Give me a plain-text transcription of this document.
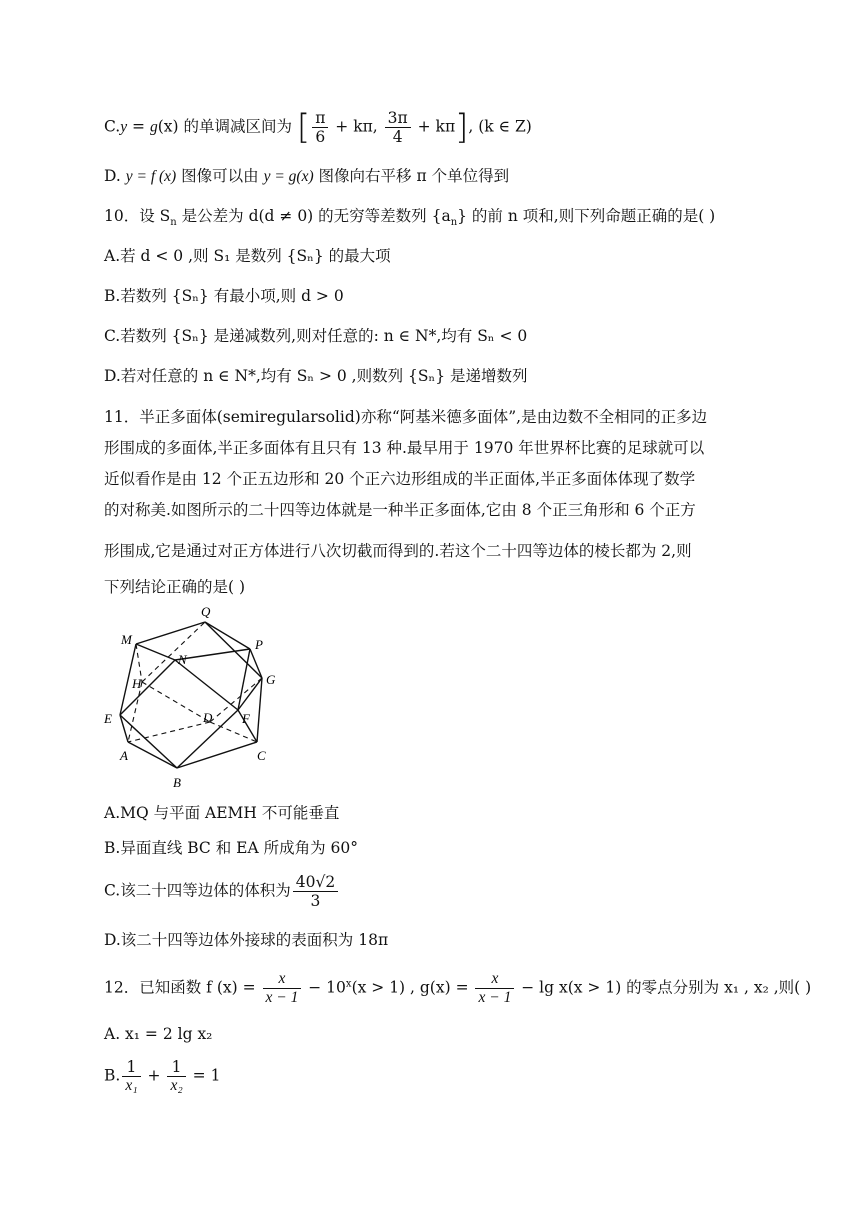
C.y = g(x) 的单调减区间为 [ $\frac{\pi}{6} + k\pi$, $\frac{3\pi}{4} + k\pi$], (k ∈ Z)
D. y = f (x) 图像可以由 y = g(x) 图像向右平移 π 个单位得到
10．设 $S_n$ 是公差为 d(d ≠ 0) 的无穷等差数列 $\{a_n\}$ 的前 n 项和,则下列命题正确的是( )
A.若 d < 0 ,则 S₁ 是数列 {Sₙ} 的最大项
B.若数列 {Sₙ} 有最小项,则 d > 0
C.若数列 {Sₙ} 是递减数列,则对任意的: n ∈ N*,均有 Sₙ < 0
D.若对任意的 n ∈ N*,均有 Sₙ > 0 ,则数列 {Sₙ} 是递增数列
11．半正多面体(semiregularsolid)亦称“阿基米德多面体”,是由边数不全相同的正多边
形围成的多面体,半正多面体有且只有 13 种.最早用于 1970 年世界杯比赛的足球就可以
近似看作是由 12 个正五边形和 20 个正六边形组成的半正面体,半正多面体体现了数学
的对称美.如图所示的二十四等边体就是一种半正多面体,它由 8 个正三角形和 6 个正方
形围成,它是通过对正方体进行八次切截而得到的.若这个二十四等边体的棱长都为 2,则
下列结论正确的是( )
Q
M	P
N
H	G
E	D F
A	C
B
A.MQ 与平面 AEMH 不可能垂直
B.异面直线 BC 和 EA 所成角为 60°
C.该二十四等边体的体积为 $\frac{40√2}{3}$
D.该二十四等边体外接球的表面积为 18π
12．已知函数 f $(x) = \frac{x}{x - 1} - 10^x(x > 1)$ , $g(x) = \frac{x}{x - 1} - \lg x(x > 1)$ 的零点分别为 x₁ , x₂ ,则( )
A. x₁ = 2 lg x₂
B. $\frac{1}{\text{x₁}} + \frac{1}{\text{x₂}} = 1$
